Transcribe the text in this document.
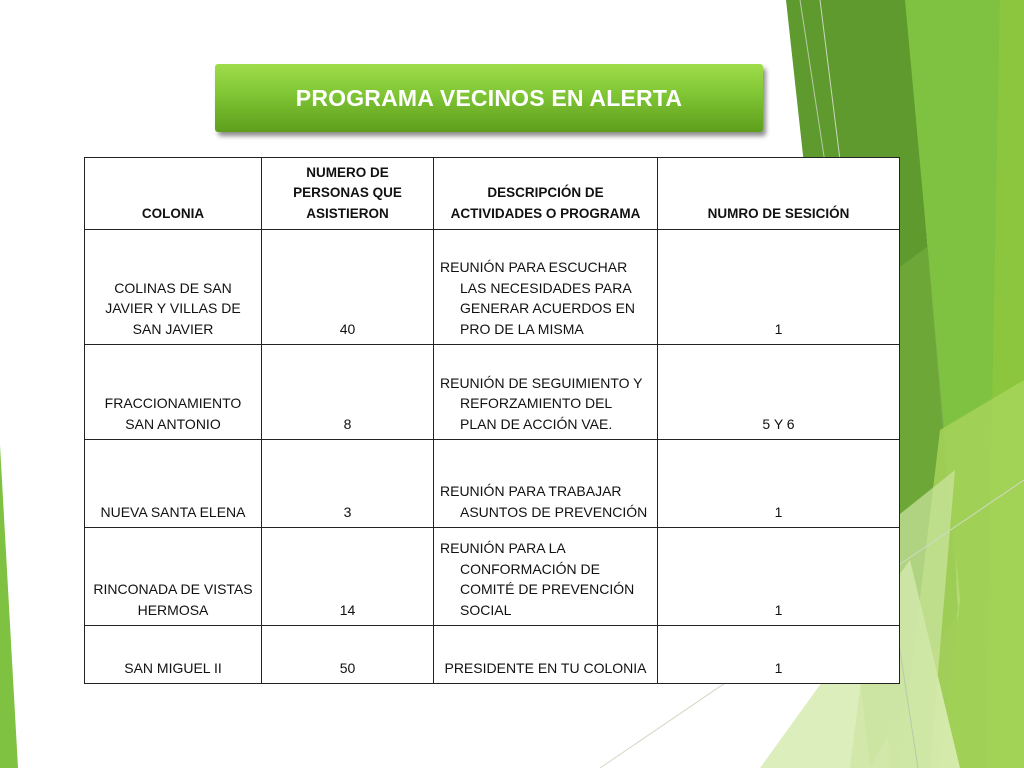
PROGRAMA VECINOS EN ALERTA
COLONIA	NUMERO DE PERSONAS QUE ASISTIERON	DESCRIPCIÓN DE ACTIVIDADES O PROGRAMA	NUMRO DE SESICIÓN
COLINAS DE SAN JAVIER Y VILLAS DE SAN JAVIER	40	REUNIÓN PARA ESCUCHAR LAS NECESIDADES PARA GENERAR ACUERDOS EN PRO DE LA MISMA	1
FRACCIONAMIENTO SAN ANTONIO	8	REUNIÓN DE SEGUIMIENTO Y REFORZAMIENTO DEL PLAN DE ACCIÓN VAE.	5 Y 6
NUEVA SANTA ELENA	3	REUNIÓN PARA TRABAJAR ASUNTOS DE PREVENCIÓN	1
RINCONADA DE VISTAS HERMOSA	14	REUNIÓN PARA LA CONFORMACIÓN DE COMITÉ DE PREVENCIÓN SOCIAL	1
SAN MIGUEL II	50	PRESIDENTE EN TU COLONIA	1
